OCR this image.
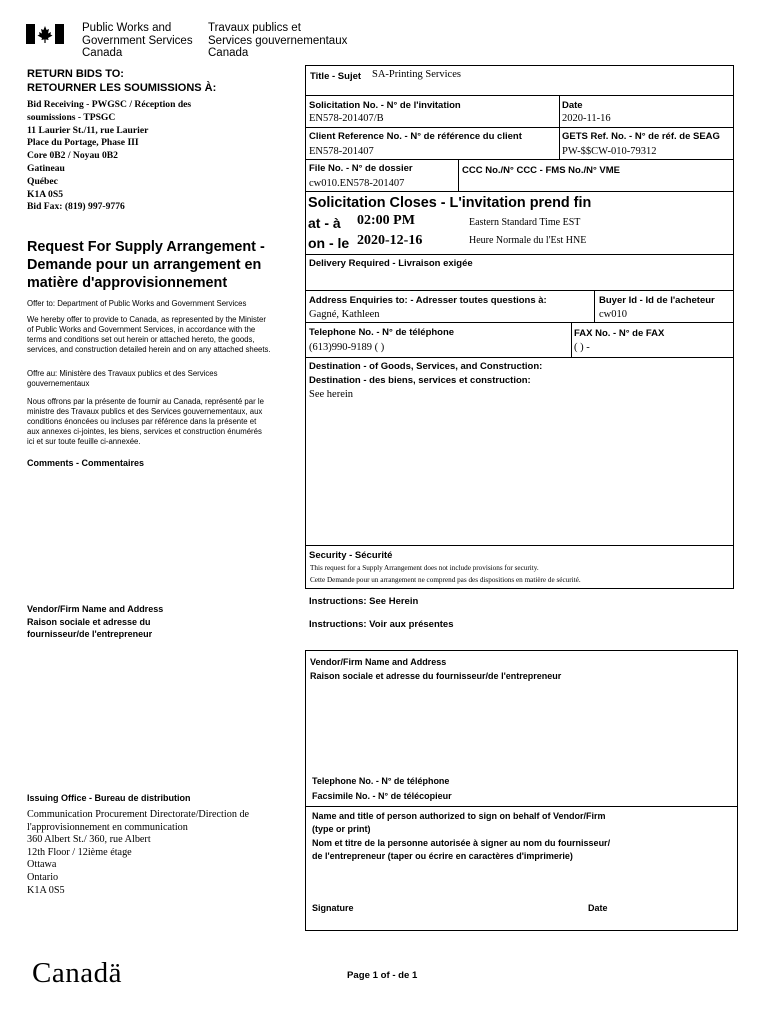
Public Works and
Government Services
Canada
Travaux publics et
Services gouvernementaux
Canada
RETURN BIDS TO:
RETOURNER LES SOUMISSIONS À:
Bid Receiving - PWGSC / Réception des
soumissions - TPSGC
11 Laurier St./11, rue Laurier
Place du Portage, Phase III
Core 0B2 / Noyau 0B2
Gatineau
Québec
K1A 0S5
Bid Fax: (819) 997-9776
Request For Supply Arrangement -
Demande pour un arrangement en
matière d'approvisionnement
Offer to: Department of Public Works and Government Services
We hereby offer to provide to Canada, as represented by the Minister
of Public Works and Government Services, in accordance with the
terms and conditions set out herein or attached hereto, the goods,
services, and construction detailed herein and on any attached sheets.
Offre au: Ministère des Travaux publics et des Services
gouvernementaux
Nous offrons par la présente de fournir au Canada, représenté par le
ministre des Travaux publics et des Services gouvernementaux, aux
conditions énoncées ou incluses par référence dans la présente et
aux annexes ci-jointes, les biens, services et construction énumérés
ici et sur toute feuille ci-annexée.
Comments - Commentaires
Vendor/Firm Name and Address
Raison sociale et adresse du
fournisseur/de l'entrepreneur
Issuing Office - Bureau de distribution
Communication Procurement Directorate/Direction de
l'approvisionnement en communication
360 Albert St./ 360, rue Albert
12th Floor / 12ième étage
Ottawa
Ontario
K1A 0S5
Title - Sujet SA-Printing Services
Solicitation No. - N° de l'invitation
EN578-201407/B
Date
2020-11-16
Client Reference No. - N° de référence du client
EN578-201407
GETS Ref. No. - N° de réf. de SEAG
PW-$$CW-010-79312
File No. - N° de dossier
cw010.EN578-201407
CCC No./N° CCC - FMS No./N° VME
Solicitation Closes - L'invitation prend fin
at - à 02:00 PM
on - le 2020-12-16
Eastern Standard Time EST
Heure Normale du l'Est HNE
Delivery Required - Livraison exigée
Address Enquiries to: - Adresser toutes questions à:
Gagné, Kathleen
Buyer Id - Id de l'acheteur
cw010
Telephone No. - N° de téléphone
(613)990-9189 ( )
FAX No. - N° de FAX
( ) -
Destination - of Goods, Services, and Construction:
Destination - des biens, services et construction:
See herein
Security - Sécurité
This request for a Supply Arrangement does not include provisions for security.
Cette Demande pour un arrangement ne comprend pas des dispositions en matière de sécurité.
Instructions: See Herein
Instructions: Voir aux présentes
Vendor/Firm Name and Address
Raison sociale et adresse du fournisseur/de l'entrepreneur
Telephone No. - N° de téléphone
Facsimile No. - N° de télécopieur
Name and title of person authorized to sign on behalf of Vendor/Firm
(type or print)
Nom et titre de la personne autorisée à signer au nom du fournisseur/
de l'entrepreneur (taper ou écrire en caractères d'imprimerie)
Signature	Date
Canadä	Page 1 of - de 1
